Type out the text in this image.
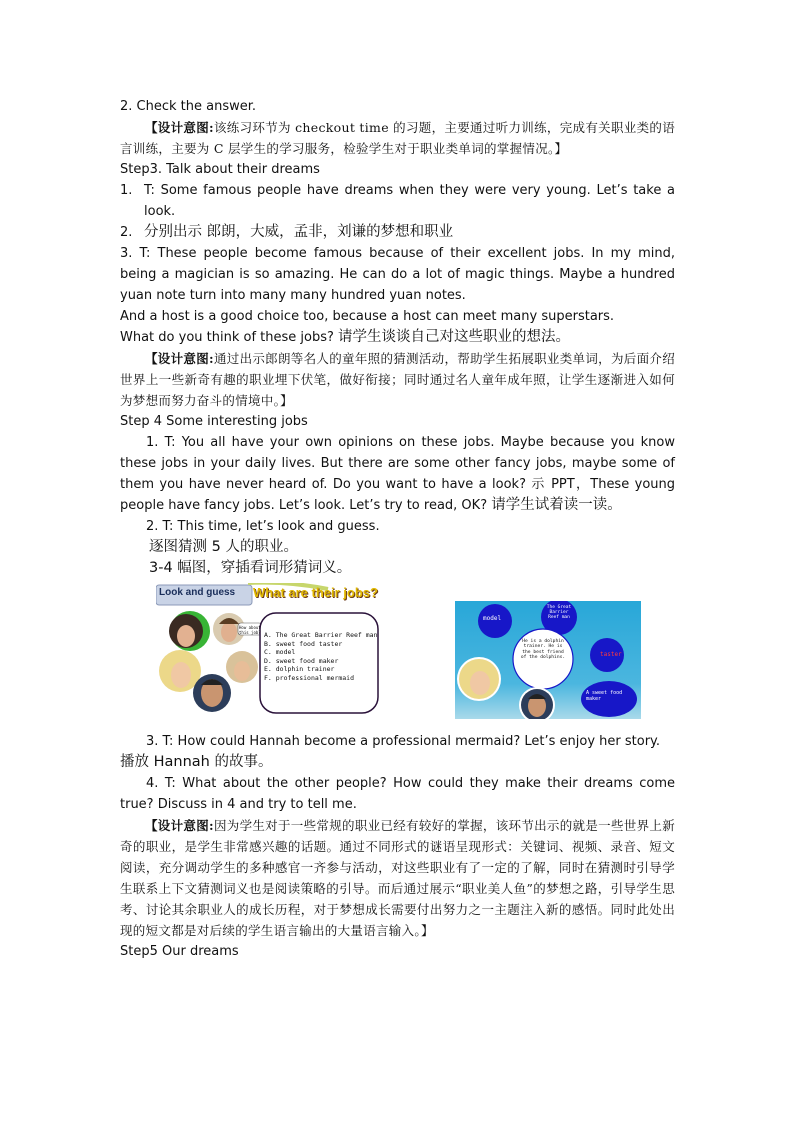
2. Check the answer.

【设计意图:该练习环节为 checkout time 的习题，主要通过听力训练，完成有关职业类的语言训练，主要为 C 层学生的学习服务，检验学生对于职业类单词的掌握情况。】

Step3. Talk about their dreams

1. T: Some famous people have dreams when they were very young. Let’s take a look.

2. 分别出示 郎朗，大威，孟非，刘谦的梦想和职业

3. T: These people become famous because of their excellent jobs. In my mind, being a magician is so amazing. He can do a lot of magic things. Maybe a hundred yuan note turn into many many hundred yuan notes.

And a host is a good choice too, because a host can meet many superstars.

What do you think of these jobs? 请学生谈谈自己对这些职业的想法。

【设计意图:通过出示郎朗等名人的童年照的猜测活动，帮助学生拓展职业类单词，为后面介绍世界上一些新奇有趣的职业埋下伏笔，做好衔接；同时通过名人童年成年照，让学生逐渐进入如何为梦想而努力奋斗的情境中。】

Step 4 Some interesting jobs

1. T: You all have your own opinions on these jobs. Maybe because you know these jobs in your daily lives. But there are some other fancy jobs, maybe some of them you have never heard of. Do you want to have a look? 示 PPT，These young people have fancy jobs. Let’s look. Let’s try to read, OK? 请学生试着读一读。

2. T: This time, let’s look and guess.

逐图猜测 5 人的职业。

3-4 幅图，穿插看词形猜词义。

Look and guess What are their jobs?
How about this job? A. The Great Barrier Reef man
B. sweet food taster
C. model
D. sweet food maker
E. dolphin trainer
F. professional mermaid
model
The Great Barrier Reef man
taster
He is a dolphin trainer. He is the best friend of the dolphins.
A sweet food maker

3. T: How could Hannah become a professional mermaid? Let’s enjoy her story.

播放 Hannah 的故事。

4. T: What about the other people? How could they make their dreams come true? Discuss in 4 and try to tell me.

【设计意图:因为学生对于一些常规的职业已经有较好的掌握，该环节出示的就是一些世界上新奇的职业，是学生非常感兴趣的话题。通过不同形式的谜语呈现形式：关键词、视频、录音、短文阅读，充分调动学生的多种感官一齐参与活动，对这些职业有了一定的了解，同时在猜测时引导学生联系上下文猜测词义也是阅读策略的引导。而后通过展示“职业美人鱼”的梦想之路，引导学生思考、讨论其余职业人的成长历程，对于梦想成长需要付出努力之一主题注入新的感悟。同时此处出现的短文都是对后续的学生语言输出的大量语言输入。】

Step5 Our dreams
